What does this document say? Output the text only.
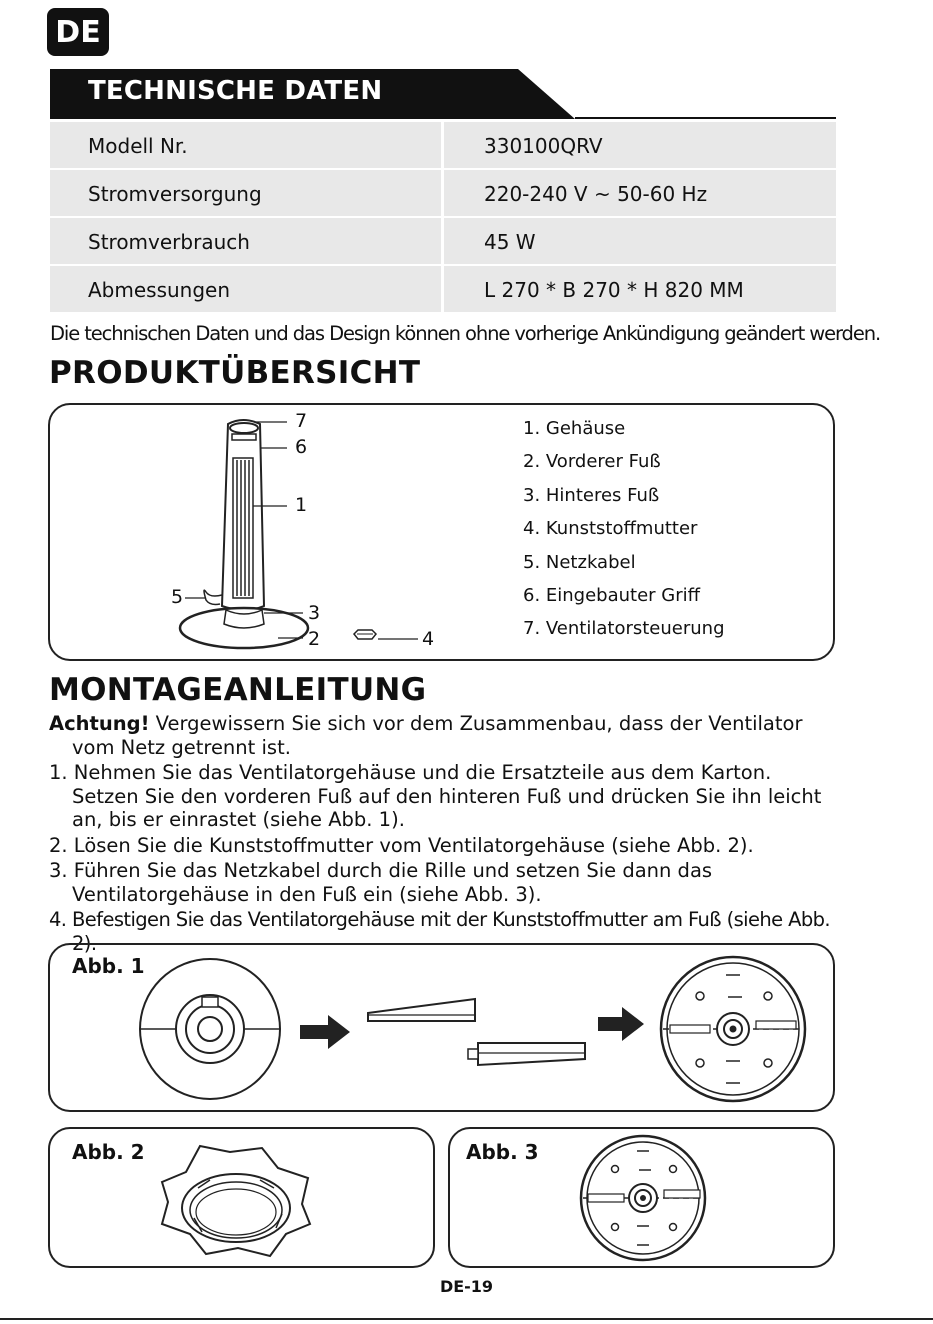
DE
TECHNISCHE DATEN
Modell Nr.	330100QRV
Stromversorgung	220-240 V ~ 50-60 Hz
Stromverbrauch	45 W
Abmessungen	L 270 * B 270 * H 820 MM
Die technischen Daten und das Design können ohne vorherige Ankündigung geändert werden.
PRODUKTÜBERSICHT
7
6
1
5
3
2	4
1. Gehäuse
2. Vorderer Fuß
3. Hinteres Fuß
4. Kunststoffmutter
5. Netzkabel
6. Eingebauter Griff
7. Ventilatorsteuerung
MONTAGEANLEITUNG

Achtung! Vergewissern Sie sich vor dem Zusammenbau, dass der Ventilator vom Netz getrennt ist.

1. Nehmen Sie das Ventilatorgehäuse und die Ersatzteile aus dem Karton. Setzen Sie den vorderen Fuß auf den hinteren Fuß und drücken Sie ihn leicht an, bis er einrastet (siehe Abb. 1).

2. Lösen Sie die Kunststoffmutter vom Ventilatorgehäuse (siehe Abb. 2).

3. Führen Sie das Netzkabel durch die Rille und setzen Sie dann das Ventilatorgehäuse in den Fuß ein (siehe Abb. 3).

4. Befestigen Sie das Ventilatorgehäuse mit der Kunststoffmutter am Fuß (siehe Abb. 2).

Abb. 1
Abb. 2	Abb. 3
DE-19
